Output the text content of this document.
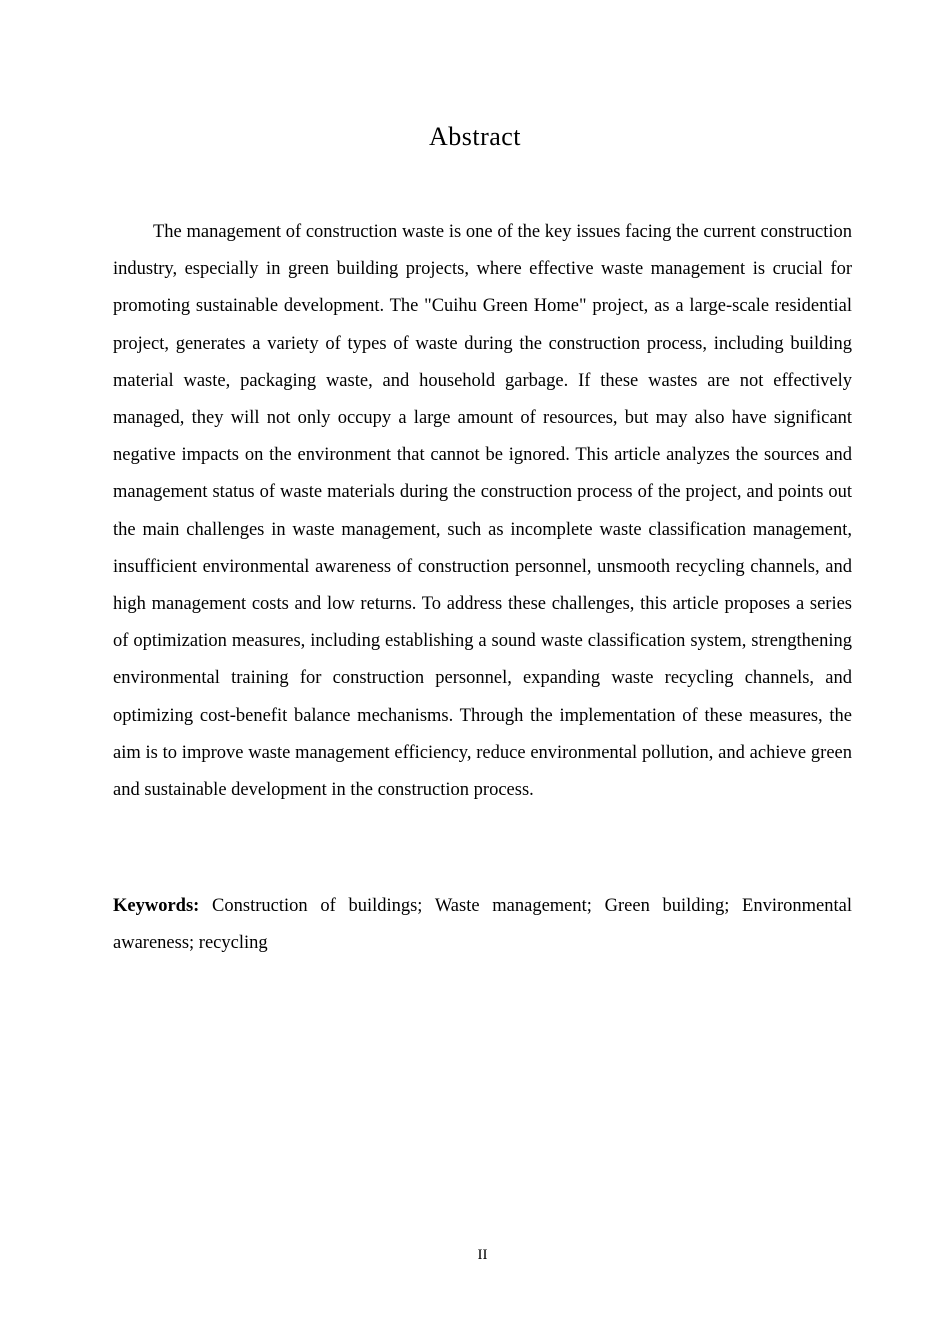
Abstract

The management of construction waste is one of the key issues facing the current construction industry, especially in green building projects, where effective waste management is crucial for promoting sustainable development. The "Cuihu Green Home" project, as a large-scale residential project, generates a variety of types of waste during the construction process, including building material waste, packaging waste, and household garbage. If these wastes are not effectively managed, they will not only occupy a large amount of resources, but may also have significant negative impacts on the environment that cannot be ignored. This article analyzes the sources and management status of waste materials during the construction process of the project, and points out the main challenges in waste management, such as incomplete waste classification management, insufficient environmental awareness of construction personnel, unsmooth recycling channels, and high management costs and low returns. To address these challenges, this article proposes a series of optimization measures, including establishing a sound waste classification system, strengthening environmental training for construction personnel, expanding waste recycling channels, and optimizing cost-benefit balance mechanisms. Through the implementation of these measures, the aim is to improve waste management efficiency, reduce environmental pollution, and achieve green and sustainable development in the construction process.

Keywords: Construction of buildings; Waste management; Green building; Environmental awareness; recycling

II
